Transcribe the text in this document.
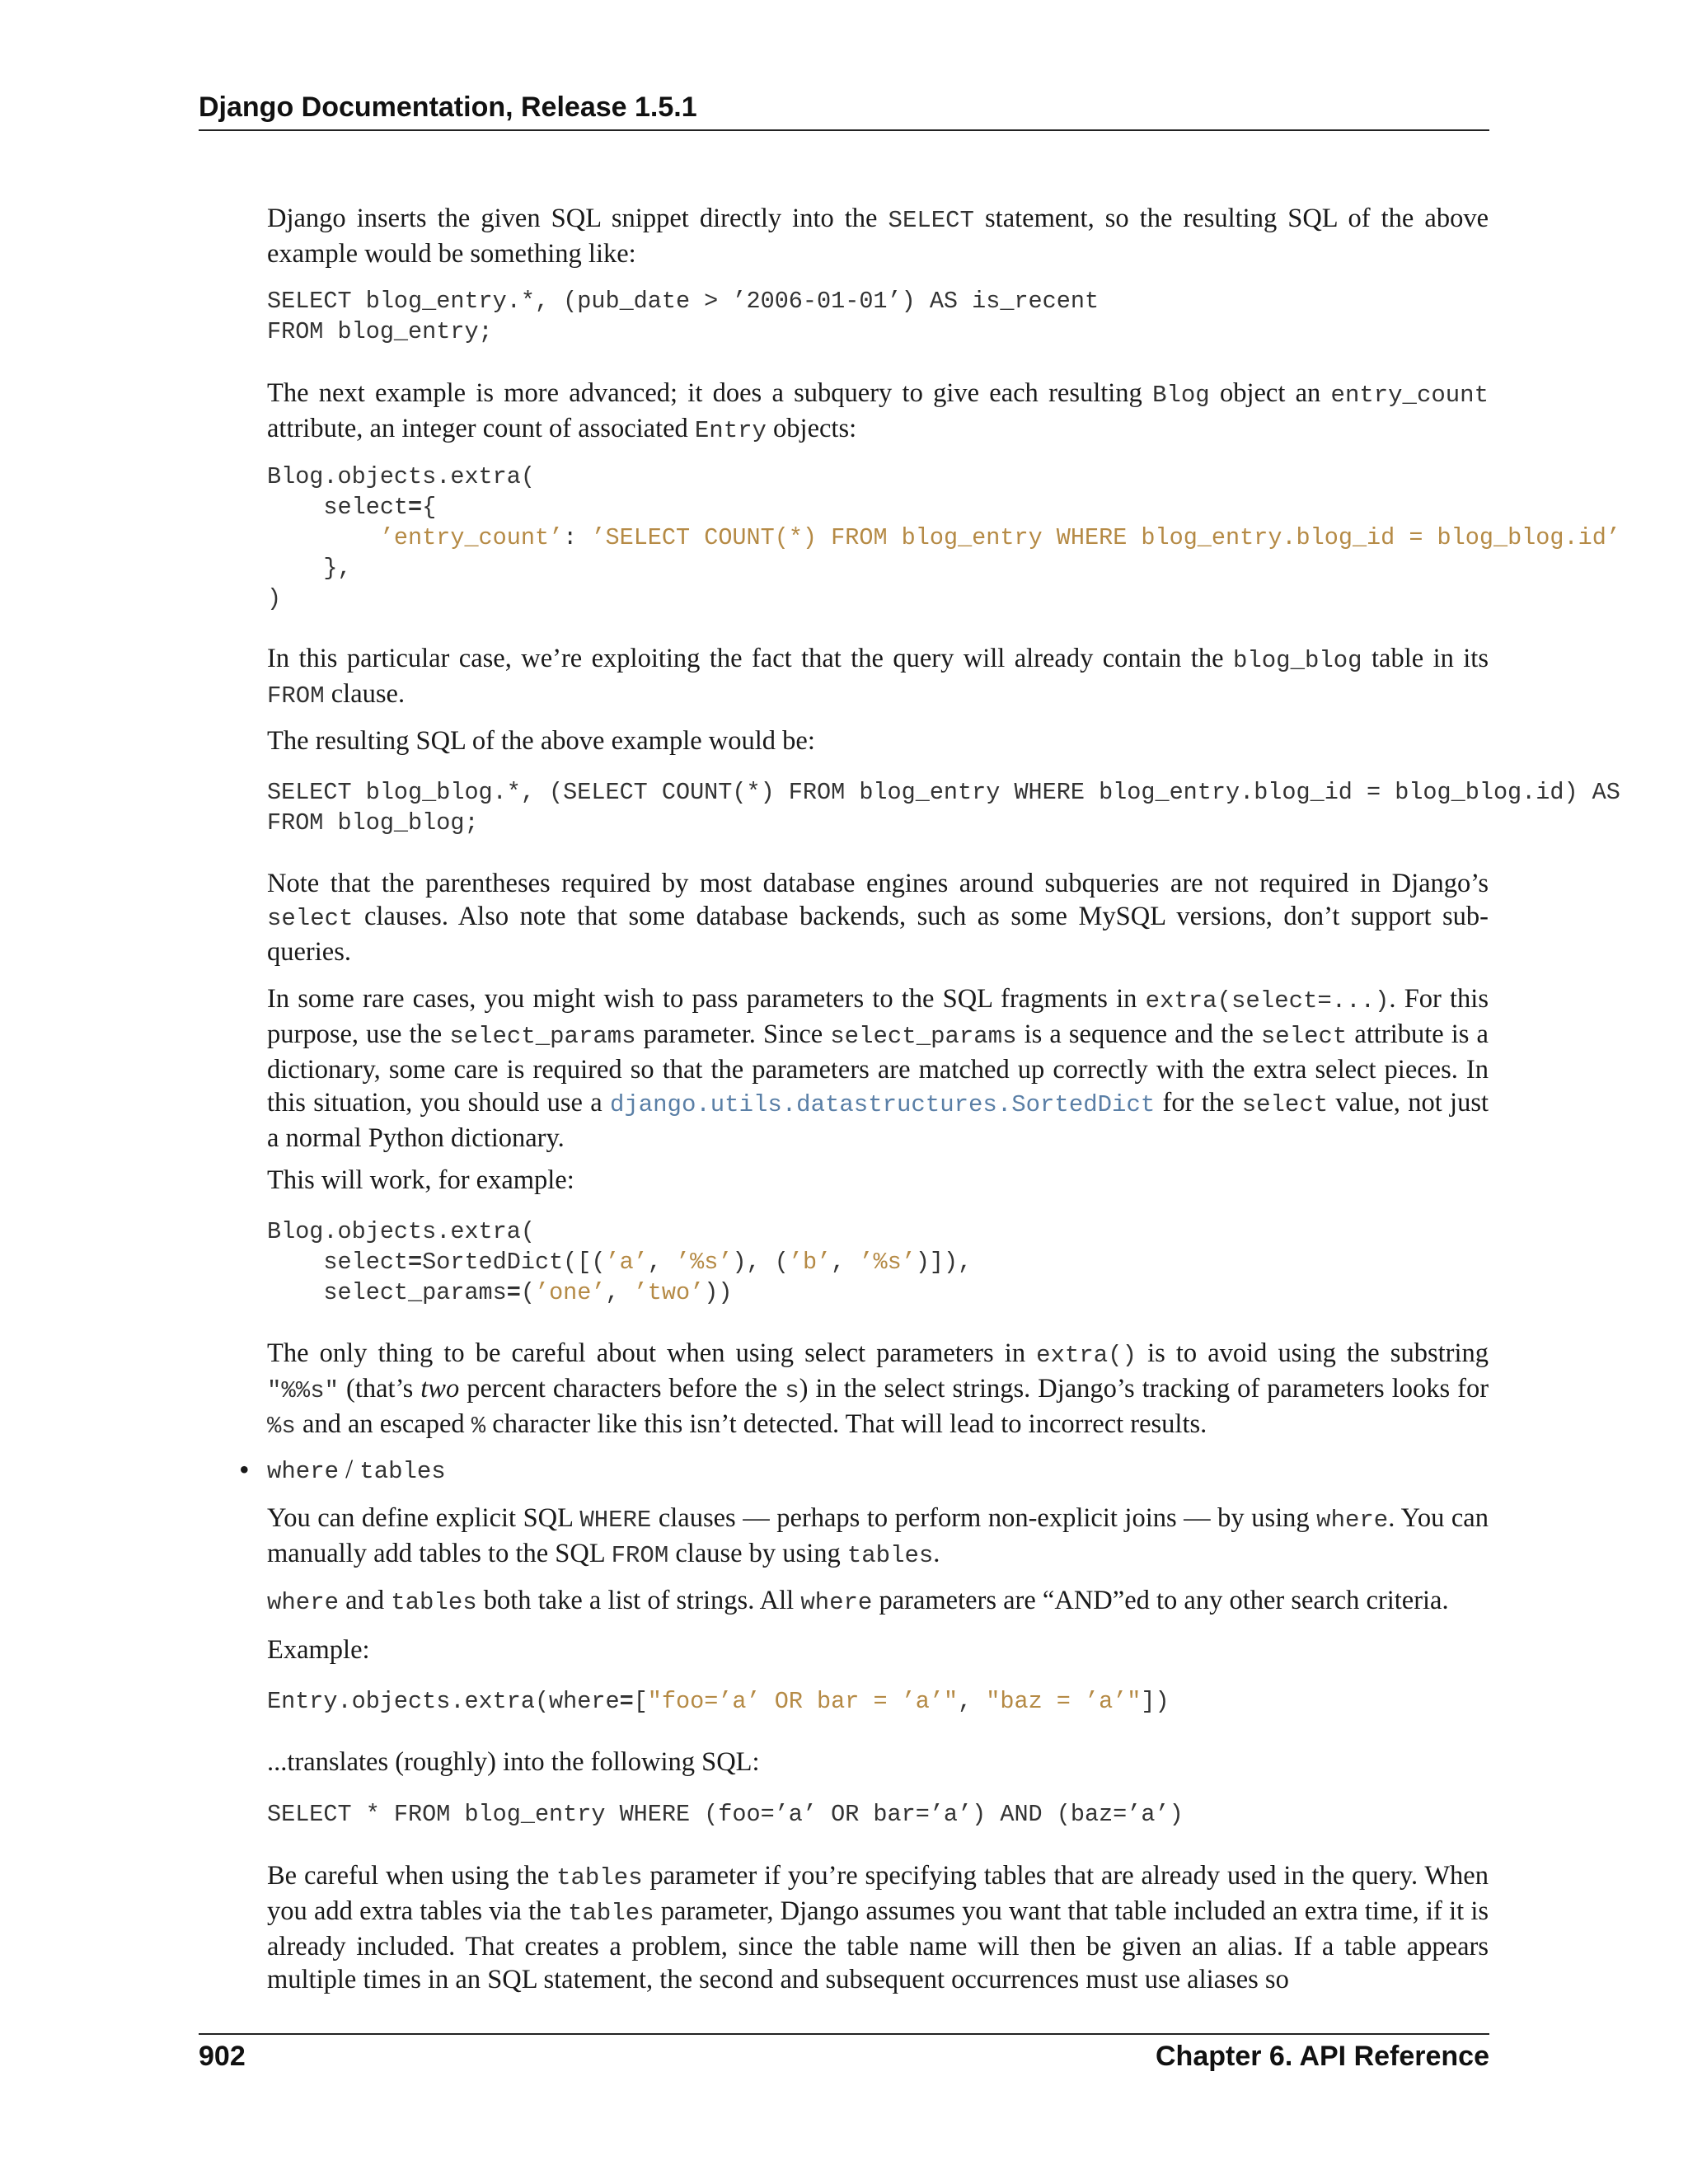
Django Documentation, Release 1.5.1

Django inserts the given SQL snippet directly into the SELECT statement, so the resulting SQL of the above example would be something like:

SELECT blog_entry.*, (pub_date > ’2006-01-01’) AS is_recent
FROM blog_entry;

The next example is more advanced; it does a subquery to give each resulting Blog object an entry_count attribute, an integer count of associated Entry objects:

Blog.objects.extra(
select={
’entry_count’: ’SELECT COUNT(*) FROM blog_entry WHERE blog_entry.blog_id = blog_blog.id’
},
)

In this particular case, we’re exploiting the fact that the query will already contain the blog_blog table in its FROM clause.

The resulting SQL of the above example would be:

SELECT blog_blog.*, (SELECT COUNT(*) FROM blog_entry WHERE blog_entry.blog_id = blog_blog.id) AS
FROM blog_blog;

Note that the parentheses required by most database engines around subqueries are not required in Django’s select clauses. Also note that some database backends, such as some MySQL versions, don’t support sub-queries.

In some rare cases, you might wish to pass parameters to the SQL fragments in extra(select=...). For this purpose, use the select_params parameter. Since select_params is a sequence and the select attribute is a dictionary, some care is required so that the parameters are matched up correctly with the extra select pieces. In this situation, you should use a django.utils.datastructures.SortedDict for the select value, not just a normal Python dictionary.

This will work, for example:

Blog.objects.extra(
select=SortedDict([(’a’, ’%s’), (’b’, ’%s’)]),
select_params=(’one’, ’two’))

The only thing to be careful about when using select parameters in extra() is to avoid using the substring "%%s" (that’s two percent characters before the s) in the select strings. Django’s tracking of parameters looks for %s and an escaped % character like this isn’t detected. That will lead to incorrect results.

• where / tables

You can define explicit SQL WHERE clauses — perhaps to perform non-explicit joins — by using where. You can manually add tables to the SQL FROM clause by using tables.

where and tables both take a list of strings. All where parameters are “AND”ed to any other search criteria.

Example:

Entry.objects.extra(where=["foo=’a’ OR bar = ’a’", "baz = ’a’"])

...translates (roughly) into the following SQL:

SELECT * FROM blog_entry WHERE (foo=’a’ OR bar=’a’) AND (baz=’a’)

Be careful when using the tables parameter if you’re specifying tables that are already used in the query. When you add extra tables via the tables parameter, Django assumes you want that table included an extra time, if it is already included. That creates a problem, since the table name will then be given an alias. If a table appears multiple times in an SQL statement, the second and subsequent occurrences must use aliases so

902	Chapter 6. API Reference
